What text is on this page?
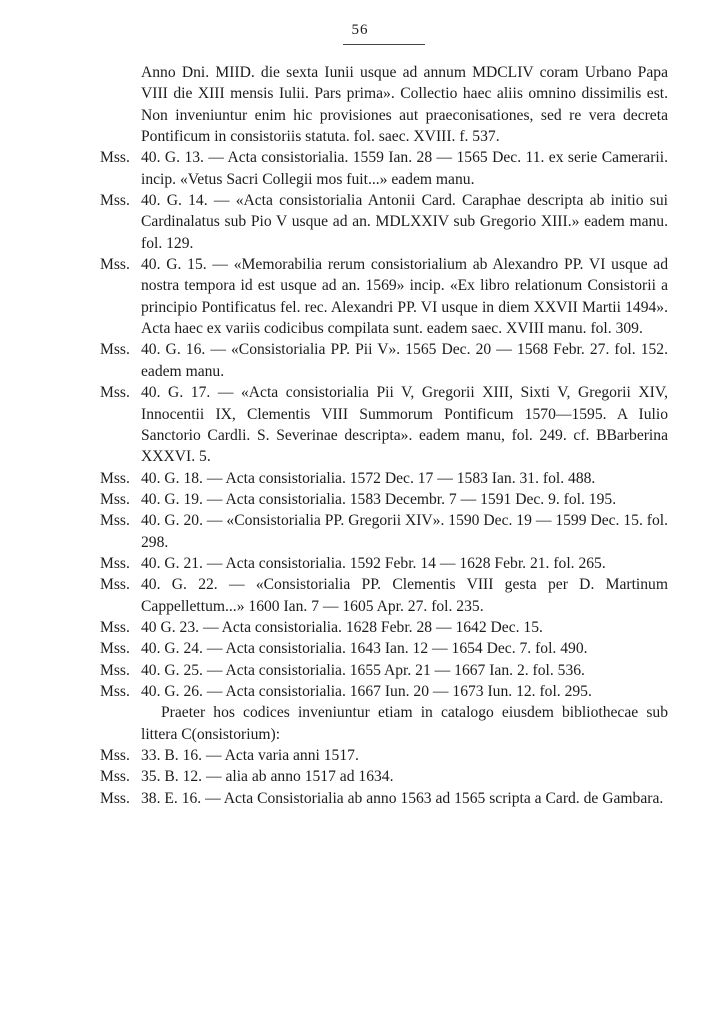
56
Anno Dni. MIID. die sexta Iunii usque ad annum MDCLIV coram Urbano Papa VIII die XIII mensis Iulii. Pars prima». Collectio haec aliis omnino dissimilis est. Non inveniuntur enim hic provisiones aut praeconisationes, sed re vera decreta Pontificum in consistoriis statuta. fol. saec. XVIII. f. 537.
Mss. 40. G. 13. — Acta consistorialia. 1559 Ian. 28 — 1565 Dec. 11. ex serie Camerarii. incip. «Vetus Sacri Collegii mos fuit...» eadem manu.
Mss. 40. G. 14. — «Acta consistorialia Antonii Card. Caraphae descripta ab initio sui Cardinalatus sub Pio V usque ad an. MDLXXIV sub Gregorio XIII.» eadem manu. fol. 129.
Mss. 40. G. 15. — «Memorabilia rerum consistorialium ab Alexandro PP. VI usque ad nostra tempora id est usque ad an. 1569» incip. «Ex libro relationum Consistorii a principio Pontificatus fel. rec. Alexandri PP. VI usque in diem XXVII Martii 1494». Acta haec ex variis codicibus compilata sunt. eadem saec. XVIII manu. fol. 309.
Mss. 40. G. 16. — «Consistorialia PP. Pii V». 1565 Dec. 20 — 1568 Febr. 27. fol. 152. eadem manu.
Mss. 40. G. 17. — «Acta consistorialia Pii V, Gregorii XIII, Sixti V, Gregorii XIV, Innocentii IX, Clementis VIII Summorum Pontificum 1570—1595. A Iulio Sanctorio Cardli. S. Severinae descripta». eadem manu, fol. 249. cf. BBarberina XXXVI. 5.
Mss. 40. G. 18. — Acta consistorialia. 1572 Dec. 17 — 1583 Ian. 31. fol. 488.
Mss. 40. G. 19. — Acta consistorialia. 1583 Decembr. 7 — 1591 Dec. 9. fol. 195.
Mss. 40. G. 20. — «Consistorialia PP. Gregorii XIV». 1590 Dec. 19 — 1599 Dec. 15. fol. 298.
Mss. 40. G. 21. — Acta consistorialia. 1592 Febr. 14 — 1628 Febr. 21. fol. 265.
Mss. 40. G. 22. — «Consistorialia PP. Clementis VIII gesta per D. Martinum Cappellettum...» 1600 Ian. 7 — 1605 Apr. 27. fol. 235.
Mss. 40 G. 23. — Acta consistorialia. 1628 Febr. 28 — 1642 Dec. 15.
Mss. 40. G. 24. — Acta consistorialia. 1643 Ian. 12 — 1654 Dec. 7. fol. 490.
Mss. 40. G. 25. — Acta consistorialia. 1655 Apr. 21 — 1667 Ian. 2. fol. 536.
Mss. 40. G. 26. — Acta consistorialia. 1667 Iun. 20 — 1673 Iun. 12. fol. 295.
Praeter hos codices inveniuntur etiam in catalogo eiusdem bibliothecae sub littera C(onsistorium):
Mss. 33. B. 16. — Acta varia anni 1517.
Mss. 35. B. 12. — alia ab anno 1517 ad 1634.
Mss. 38. E. 16. — Acta Consistorialia ab anno 1563 ad 1565 scripta a Card. de Gambara.
